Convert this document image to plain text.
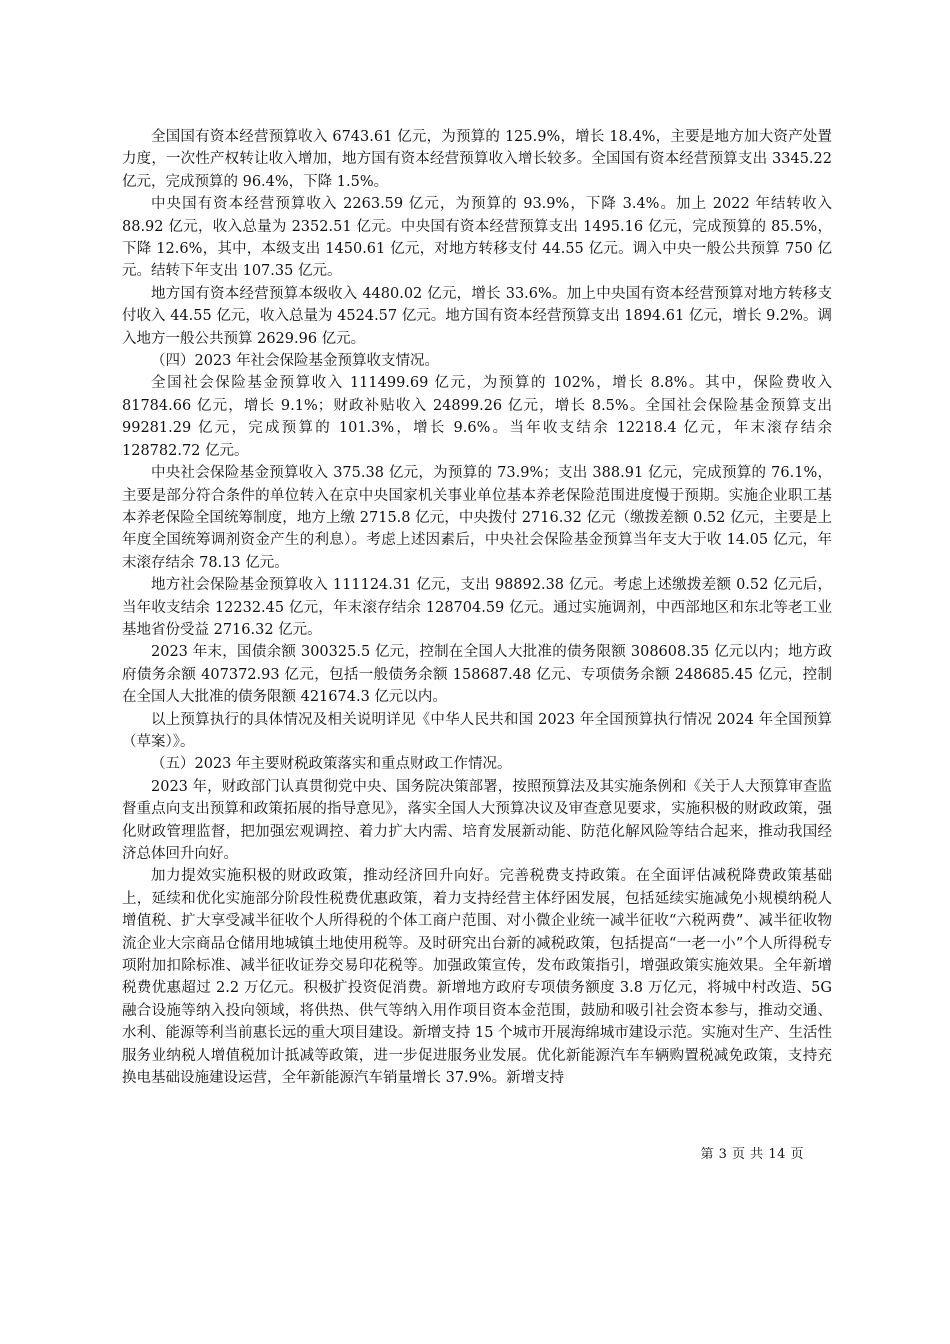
全国国有资本经营预算收入 6743.61 亿元，为预算的 125.9%，增长 18.4%，主要是地方加大资产处置力度，一次性产权转让收入增加，地方国有资本经营预算收入增长较多。全国国有资本经营预算支出 3345.22 亿元，完成预算的 96.4%，下降 1.5%。

中央国有资本经营预算收入 2263.59 亿元，为预算的 93.9%，下降 3.4%。加上 2022 年结转收入 88.92 亿元，收入总量为 2352.51 亿元。中央国有资本经营预算支出 1495.16 亿元，完成预算的 85.5%，下降 12.6%，其中，本级支出 1450.61 亿元，对地方转移支付 44.55 亿元。调入中央一般公共预算 750 亿元。结转下年支出 107.35 亿元。

地方国有资本经营预算本级收入 4480.02 亿元，增长 33.6%。加上中央国有资本经营预算对地方转移支付收入 44.55 亿元，收入总量为 4524.57 亿元。地方国有资本经营预算支出 1894.61 亿元，增长 9.2%。调入地方一般公共预算 2629.96 亿元。

（四）2023 年社会保险基金预算收支情况。

全国社会保险基金预算收入 111499.69 亿元，为预算的 102%，增长 8.8%。其中，保险费收入 81784.66 亿元，增长 9.1%；财政补贴收入 24899.26 亿元，增长 8.5%。全国社会保险基金预算支出 99281.29 亿元，完成预算的 101.3%，增长 9.6%。当年收支结余 12218.4 亿元，年末滚存结余 128782.72 亿元。

中央社会保险基金预算收入 375.38 亿元，为预算的 73.9%；支出 388.91 亿元，完成预算的 76.1%，主要是部分符合条件的单位转入在京中央国家机关事业单位基本养老保险范围进度慢于预期。实施企业职工基本养老保险全国统筹制度，地方上缴 2715.8 亿元，中央拨付 2716.32 亿元（缴拨差额 0.52 亿元，主要是上年度全国统筹调剂资金产生的利息）。考虑上述因素后，中央社会保险基金预算当年支大于收 14.05 亿元，年末滚存结余 78.13 亿元。

地方社会保险基金预算收入 111124.31 亿元，支出 98892.38 亿元。考虑上述缴拨差额 0.52 亿元后，当年收支结余 12232.45 亿元，年末滚存结余 128704.59 亿元。通过实施调剂，中西部地区和东北等老工业基地省份受益 2716.32 亿元。

2023 年末，国债余额 300325.5 亿元，控制在全国人大批准的债务限额 308608.35 亿元以内；地方政府债务余额 407372.93 亿元，包括一般债务余额 158687.48 亿元、专项债务余额 248685.45 亿元，控制在全国人大批准的债务限额 421674.3 亿元以内。

以上预算执行的具体情况及相关说明详见《中华人民共和国 2023 年全国预算执行情况 2024 年全国预算（草案）》。

（五）2023 年主要财税政策落实和重点财政工作情况。

2023 年，财政部门认真贯彻党中央、国务院决策部署，按照预算法及其实施条例和《关于人大预算审查监督重点向支出预算和政策拓展的指导意见》，落实全国人大预算决议及审查意见要求，实施积极的财政政策，强化财政管理监督，把加强宏观调控、着力扩大内需、培育发展新动能、防范化解风险等结合起来，推动我国经济总体回升向好。

加力提效实施积极的财政政策，推动经济回升向好。完善税费支持政策。在全面评估减税降费政策基础上，延续和优化实施部分阶段性税费优惠政策，着力支持经营主体纾困发展，包括延续实施减免小规模纳税人增值税、扩大享受减半征收个人所得税的个体工商户范围、对小微企业统一减半征收“六税两费”、减半征收物流企业大宗商品仓储用地城镇土地使用税等。及时研究出台新的减税政策，包括提高“一老一小”个人所得税专项附加扣除标准、减半征收证券交易印花税等。加强政策宣传，发布政策指引，增强政策实施效果。全年新增税费优惠超过 2.2 万亿元。积极扩投资促消费。新增地方政府专项债务额度 3.8 万亿元，将城中村改造、5G 融合设施等纳入投向领域，将供热、供气等纳入用作项目资本金范围，鼓励和吸引社会资本参与，推动交通、水利、能源等利当前惠长远的重大项目建设。新增支持 15 个城市开展海绵城市建设示范。实施对生产、生活性服务业纳税人增值税加计抵减等政策，进一步促进服务业发展。优化新能源汽车车辆购置税减免政策，支持充换电基础设施建设运营，全年新能源汽车销量增长 37.9%。新增支持

第 3 页 共 14 页
